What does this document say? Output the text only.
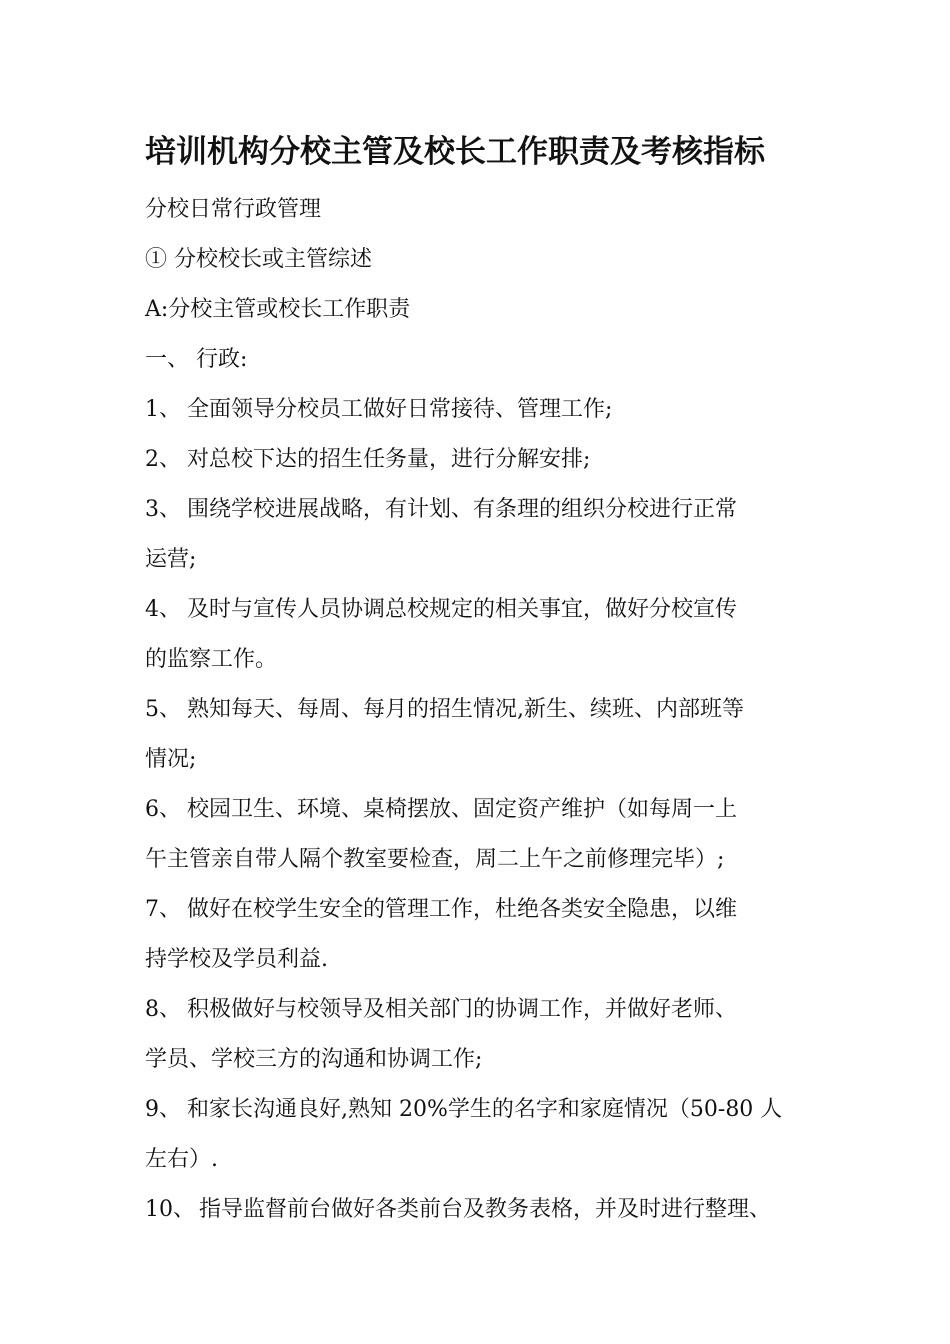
培训机构分校主管及校长工作职责及考核指标
分校日常行政管理
① 分校校长或主管综述
A:分校主管或校长工作职责
一、 行政:
1、 全面领导分校员工做好日常接待、管理工作;
2、 对总校下达的招生任务量，进行分解安排;
3、 围绕学校进展战略，有计划、有条理的组织分校进行正常
运营;
4、 及时与宣传人员协调总校规定的相关事宜，做好分校宣传
的监察工作。
5、 熟知每天、每周、每月的招生情况,新生、续班、内部班等
情况;
6、 校园卫生、环境、桌椅摆放、固定资产维护（如每周一上
午主管亲自带人隔个教室要检查，周二上午之前修理完毕）;
7、 做好在校学生安全的管理工作，杜绝各类安全隐患，以维
持学校及学员利益.
8、 积极做好与校领导及相关部门的协调工作，并做好老师、
学员、学校三方的沟通和协调工作;
9、 和家长沟通良好,熟知 20%学生的名字和家庭情况（50-80 人
左右）.
10、 指导监督前台做好各类前台及教务表格，并及时进行整理、
